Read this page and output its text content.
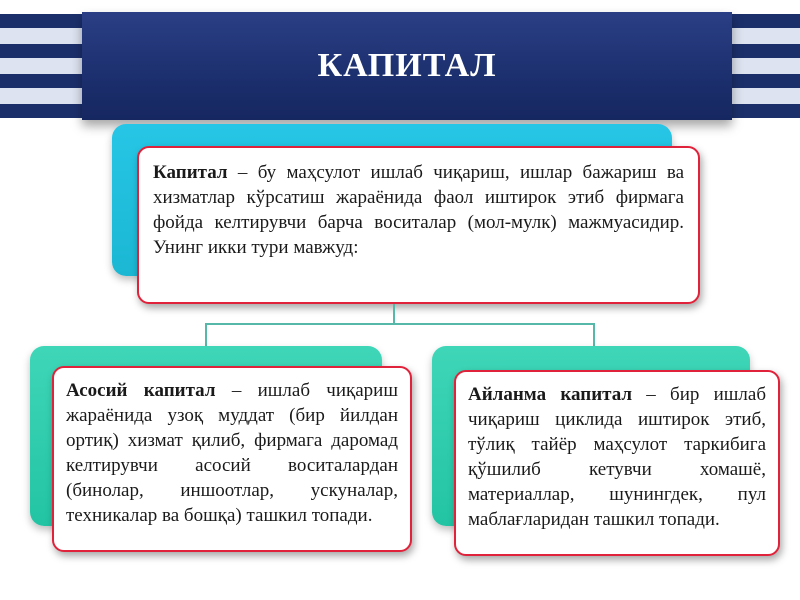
КАПИТАЛ
Капитал – бу маҳсулот ишлаб чиқариш, ишлар бажариш ва хизматлар кўрсатиш жараёнида фаол иштирок этиб фирмага фойда келтирувчи барча воситалар (мол-мулк) мажмуасидир. Унинг икки тури мавжуд:
Асосий капитал – ишлаб чиқариш жараёнида узоқ муддат (бир йилдан ортиқ) хизмат қилиб, фирмага даромад келтирувчи асосий воситалардан (бинолар, иншоотлар, ускуналар, техникалар ва бошқа) ташкил топади.
Айланма капитал – бир ишлаб чиқариш циклида иштирок этиб, тўлиқ тайёр маҳсулот таркибига қўшилиб кетувчи хомашё, материаллар, шунингдек, пул маблағларидан ташкил топади.
